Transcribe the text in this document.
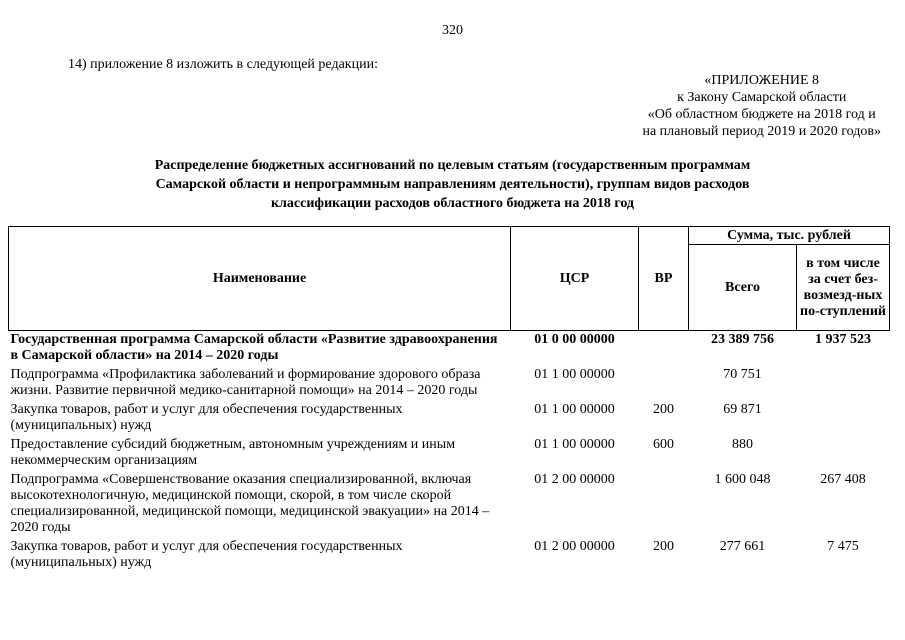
320
14) приложение 8 изложить в следующей редакции:
«ПРИЛОЖЕНИЕ 8
к Закону Самарской области
«Об областном бюджете на 2018 год и
на плановый период 2019 и 2020 годов»
Распределение бюджетных ассигнований по целевым статьям (государственным программам
Самарской области и непрограммным направлениям деятельности), группам видов расходов
классификации расходов областного бюджета на 2018 год
Наименование	ЦСР	ВР	Сумма, тыс. рублей	
			Всего	в том числе за счет без-возмезд-ных по-ступлений
Государственная программа Самарской области «Развитие здравоохранения в Самарской области» на 2014 – 2020 годы	01 0 00 00000		23 389 756	1 937 523
Подпрограмма «Профилактика заболеваний и формирование здорового образа жизни. Развитие первичной медико-санитарной помощи» на 2014 – 2020 годы	01 1 00 00000		70 751	
Закупка товаров, работ и услуг для обеспечения государственных (муниципальных) нужд	01 1 00 00000	200	69 871	
Предоставление субсидий бюджетным, автономным учреждениям и иным некоммерческим организациям	01 1 00 00000	600	880	
Подпрограмма «Совершенствование оказания специализированной, включая высокотехнологичную, медицинской помощи, скорой, в том числе скорой специализированной, медицинской помощи, медицинской эвакуации» на 2014 – 2020 годы	01 2 00 00000		1 600 048	267 408
Закупка товаров, работ и услуг для обеспечения государственных (муниципальных) нужд	01 2 00 00000	200	277 661	7 475
